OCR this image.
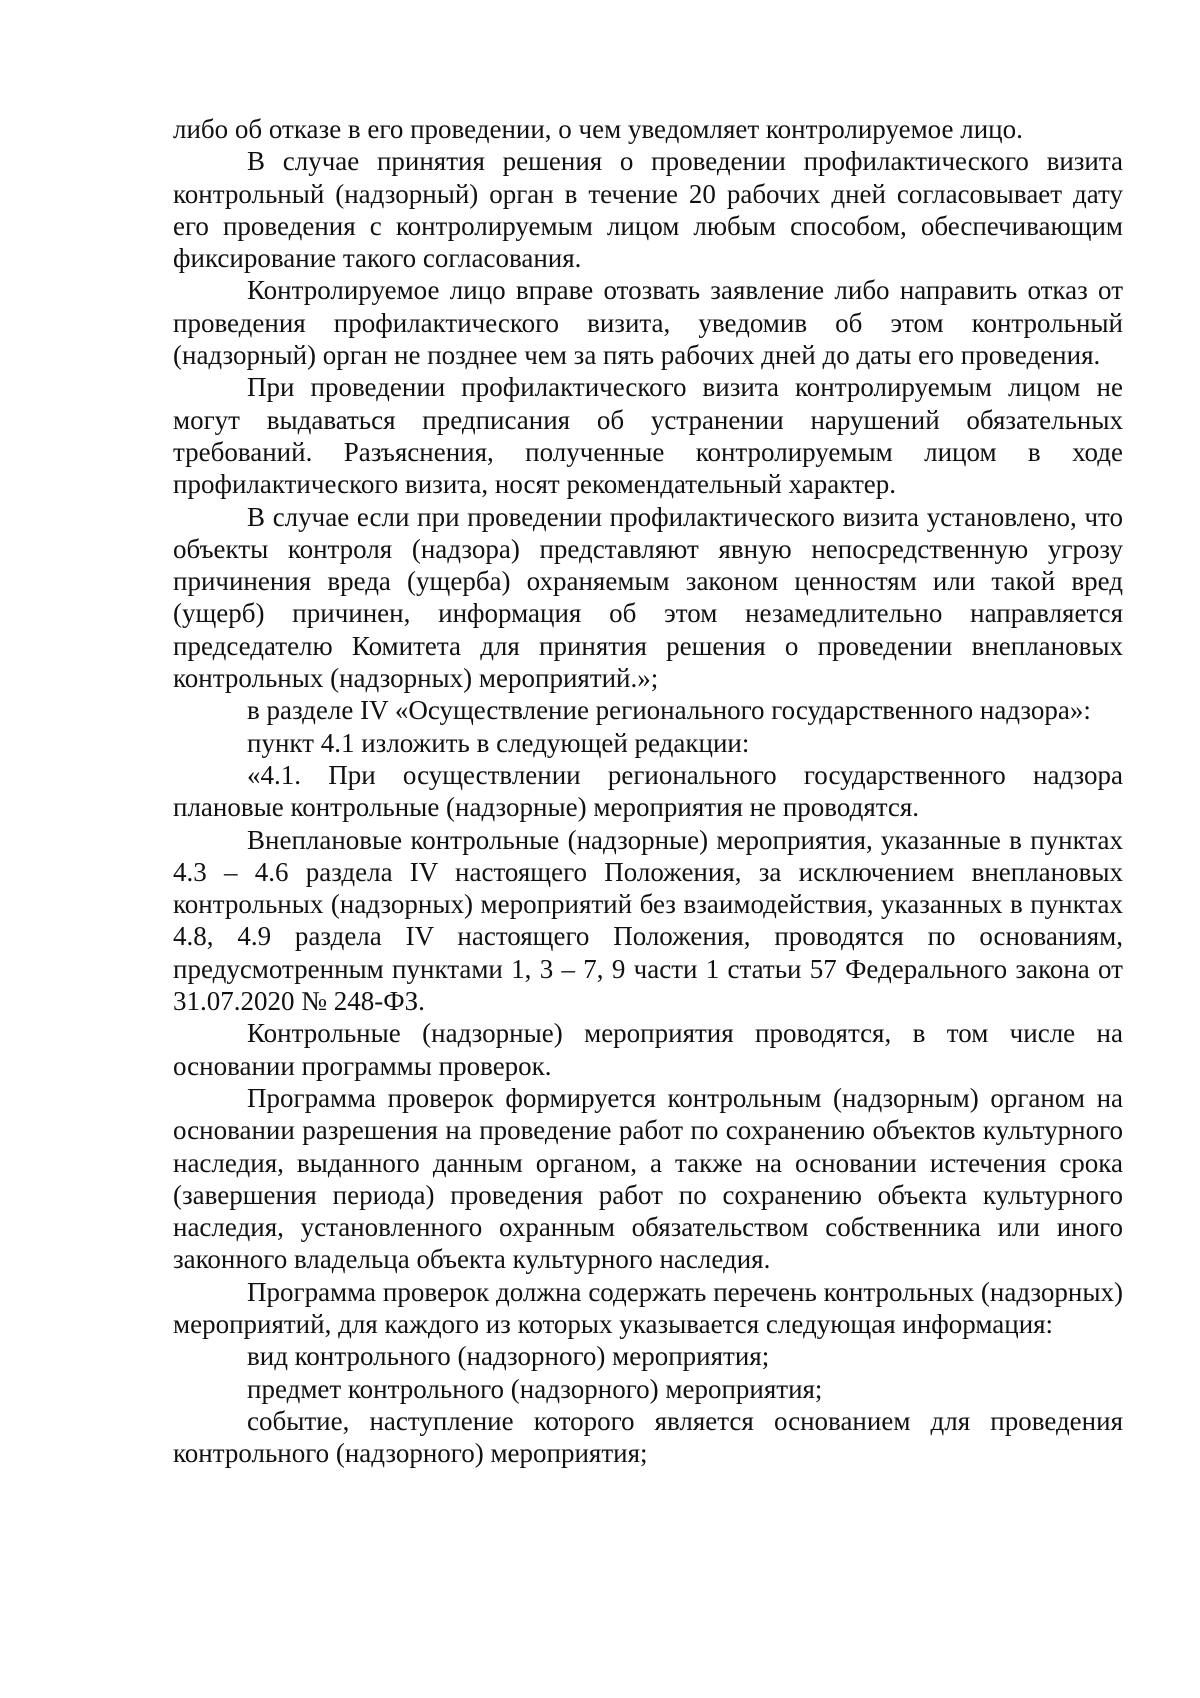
либо об отказе в его проведении, о чем уведомляет контролируемое лицо.

В случае принятия решения о проведении профилактического визита контрольный (надзорный) орган в течение 20 рабочих дней согласовывает дату его проведения с контролируемым лицом любым способом, обеспечивающим фиксирование такого согласования.

Контролируемое лицо вправе отозвать заявление либо направить отказ от проведения профилактического визита, уведомив об этом контрольный (надзорный) орган не позднее чем за пять рабочих дней до даты его проведения.

При проведении профилактического визита контролируемым лицом не могут выдаваться предписания об устранении нарушений обязательных требований. Разъяснения, полученные контролируемым лицом в ходе профилактического визита, носят рекомендательный характер.

В случае если при проведении профилактического визита установлено, что объекты контроля (надзора) представляют явную непосредственную угрозу причинения вреда (ущерба) охраняемым законом ценностям или такой вред (ущерб) причинен, информация об этом незамедлительно направляется председателю Комитета для принятия решения о проведении внеплановых контрольных (надзорных) мероприятий.»;

в разделе IV «Осуществление регионального государственного надзора»:

пункт 4.1 изложить в следующей редакции:

«4.1. При осуществлении регионального государственного надзора плановые контрольные (надзорные) мероприятия не проводятся.

Внеплановые контрольные (надзорные) мероприятия, указанные в пунктах 4.3 – 4.6 раздела IV настоящего Положения, за исключением внеплановых контрольных (надзорных) мероприятий без взаимодействия, указанных в пунктах 4.8, 4.9 раздела IV настоящего Положения, проводятся по основаниям, предусмотренным пунктами 1, 3 – 7, 9 части 1 статьи 57 Федерального закона от 31.07.2020 № 248-ФЗ.

Контрольные (надзорные) мероприятия проводятся, в том числе на основании программы проверок.

Программа проверок формируется контрольным (надзорным) органом на основании разрешения на проведение работ по сохранению объектов культурного наследия, выданного данным органом, а также на основании истечения срока (завершения периода) проведения работ по сохранению объекта культурного наследия, установленного охранным обязательством собственника или иного законного владельца объекта культурного наследия.

Программа проверок должна содержать перечень контрольных (надзорных) мероприятий, для каждого из которых указывается следующая информация:

вид контрольного (надзорного) мероприятия;

предмет контрольного (надзорного) мероприятия;

событие, наступление которого является основанием для проведения контрольного (надзорного) мероприятия;
